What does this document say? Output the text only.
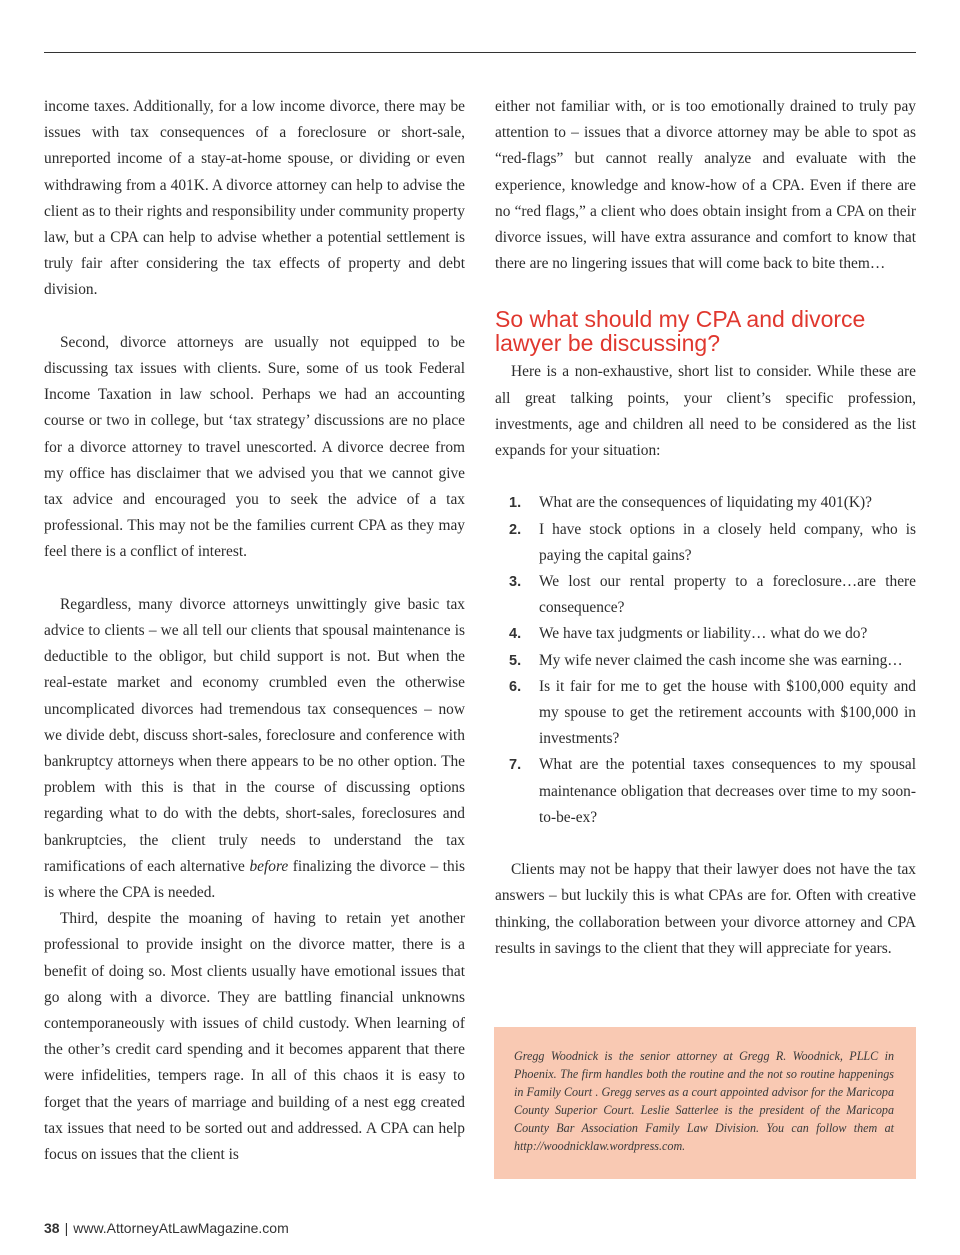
income taxes. Additionally, for a low income divorce, there may be issues with tax consequences of a foreclosure or short-sale, unreported income of a stay-at-home spouse, or dividing or even withdrawing from a 401K. A divorce attorney can help to advise the client as to their rights and responsibility under community property law, but a CPA can help to advise whether a potential settlement is truly fair after considering the tax effects of property and debt division.

Second, divorce attorneys are usually not equipped to be discussing tax issues with clients. Sure, some of us took Federal Income Taxation in law school. Perhaps we had an accounting course or two in college, but ‘tax strategy’ discussions are no place for a divorce attorney to travel unescorted. A divorce decree from my office has disclaimer that we advised you that we cannot give tax advice and encouraged you to seek the advice of a tax professional. This may not be the families current CPA as they may feel there is a conflict of interest.

Regardless, many divorce attorneys unwittingly give basic tax advice to clients – we all tell our clients that spousal maintenance is deductible to the obligor, but child support is not. But when the real-estate market and economy crumbled even the otherwise uncomplicated divorces had tremendous tax consequences – now we divide debt, discuss short-sales, foreclosure and conference with bankruptcy attorneys when there appears to be no other option. The problem with this is that in the course of discussing options regarding what to do with the debts, short-sales, foreclosures and bankruptcies, the client truly needs to understand the tax ramifications of each alternative before finalizing the divorce – this is where the CPA is needed.

Third, despite the moaning of having to retain yet another professional to provide insight on the divorce matter, there is a benefit of doing so. Most clients usually have emotional issues that go along with a divorce. They are battling financial unknowns contemporaneously with issues of child custody. When learning of the other’s credit card spending and it becomes apparent that there were infidelities, tempers rage. In all of this chaos it is easy to forget that the years of marriage and building of a nest egg created tax issues that need to be sorted out and addressed. A CPA can help focus on issues that the client is

either not familiar with, or is too emotionally drained to truly pay attention to – issues that a divorce attorney may be able to spot as “red-flags” but cannot really analyze and evaluate with the experience, knowledge and know-how of a CPA. Even if there are no “red flags,” a client who does obtain insight from a CPA on their divorce issues, will have extra assurance and comfort to know that there are no lingering issues that will come back to bite them…

So what should my CPA and divorce lawyer be discussing?

Here is a non-exhaustive, short list to consider. While these are all great talking points, your client’s specific profession, investments, age and children all need to be considered as the list expands for your situation:

1.	What are the consequences of liquidating my 401(K)?
2.	I have stock options in a closely held company, who is paying the capital gains?
3.	We lost our rental property to a foreclosure…are there consequence?
4.	We have tax judgments or liability… what do we do?
5.	My wife never claimed the cash income she was earning…
6.	Is it fair for me to get the house with $100,000 equity and my spouse to get the retirement accounts with $100,000 in investments?
7.	What are the potential taxes consequences to my spousal maintenance obligation that decreases over time to my soon-to-be-ex?

Clients may not be happy that their lawyer does not have the tax answers – but luckily this is what CPAs are for. Often with creative thinking, the collaboration between your divorce attorney and CPA results in savings to the client that they will appreciate for years.

Gregg Woodnick is the senior attorney at Gregg R. Woodnick, PLLC in Phoenix. The firm handles both the routine and the not so routine happenings in Family Court . Gregg serves as a court appointed advisor for the Maricopa County Superior Court. Leslie Satterlee is the president of the Maricopa County Bar Association Family Law Division. You can follow them at http://woodnicklaw.wordpress.com.
38 | www.AttorneyAtLawMagazine.com
